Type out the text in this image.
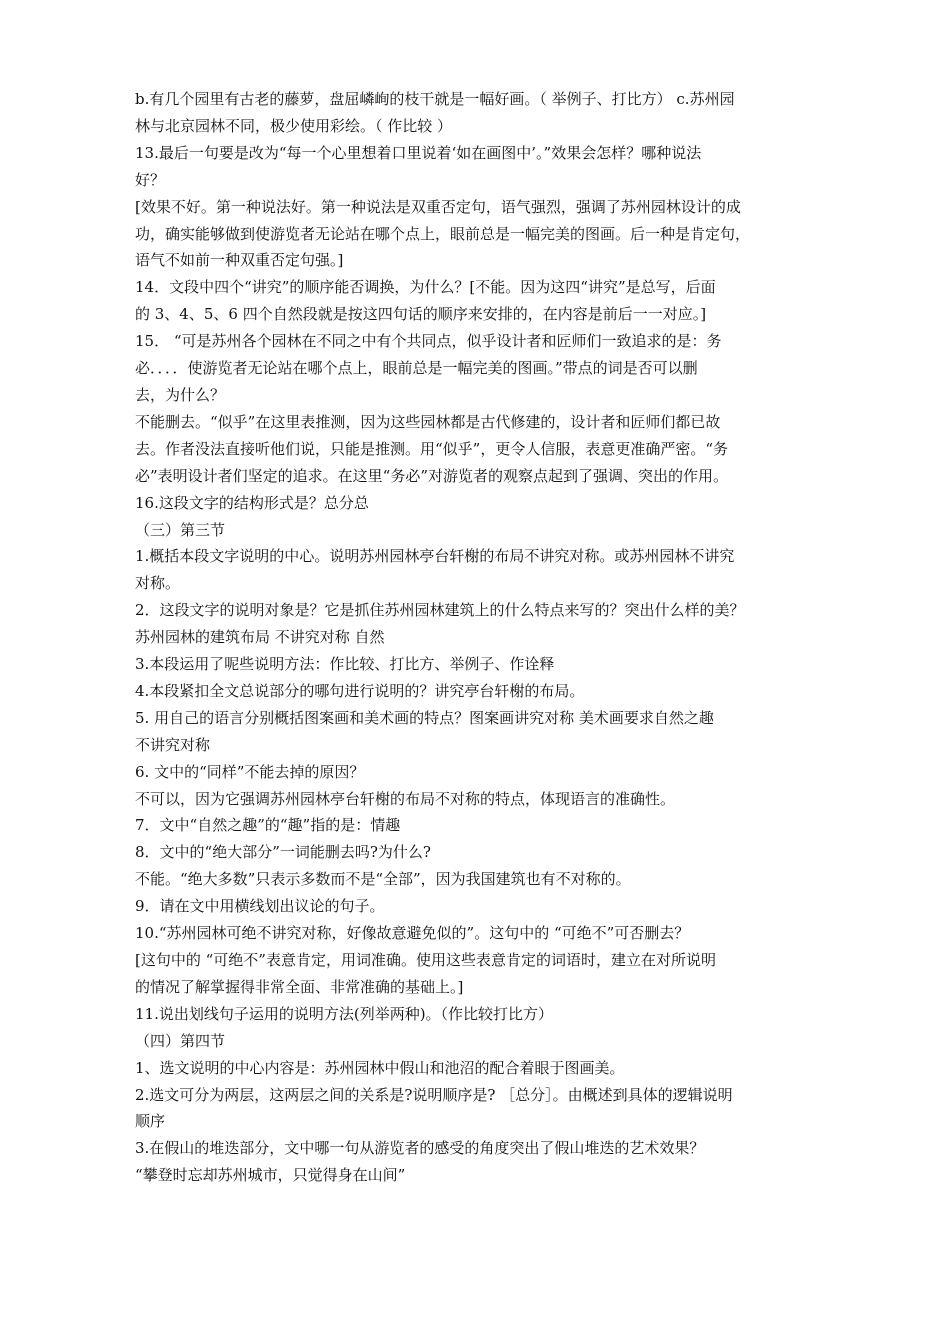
b.有几个园里有古老的藤萝，盘屈嶙峋的枝干就是一幅好画。（ 举例子、打比方） c.苏州园

林与北京园林不同，极少使用彩绘。（ 作比较 ）

13.最后一句要是改为“每一个心里想着口里说着‘如在画图中’。”效果会怎样？哪种说法

好？

[效果不好。第一种说法好。第一种说法是双重否定句，语气强烈，强调了苏州园林设计的成

功，确实能够做到使游览者无论站在哪个点上，眼前总是一幅完美的图画。后一种是肯定句，

语气不如前一种双重否定句强。]

14．文段中四个“讲究”的顺序能否调换，为什么？[不能。因为这四“讲究”是总写，后面

的 3、4、5、6 四个自然段就是按这四句话的顺序来安排的，在内容是前后一一对应。]

15． “可是苏州各个园林在不同之中有个共同点，似乎设计者和匠师们一致追求的是：务

必．．．．使游览者无论站在哪个点上，眼前总是一幅完美的图画。”带点的词是否可以删

去，为什么？

不能删去。“似乎”在这里表推测，因为这些园林都是古代修建的，设计者和匠师们都已故

去。作者没法直接听他们说，只能是推测。用“似乎”，更令人信服，表意更准确严密。“务

必”表明设计者们坚定的追求。在这里“务必”对游览者的观察点起到了强调、突出的作用。

16.这段文字的结构形式是？总分总

（三）第三节

1.概括本段文字说明的中心。说明苏州园林亭台轩榭的布局不讲究对称。或苏州园林不讲究

对称。

2．这段文字的说明对象是？它是抓住苏州园林建筑上的什么特点来写的？突出什么样的美？

苏州园林的建筑布局 不讲究对称 自然

3.本段运用了呢些说明方法：作比较、打比方、举例子、作诠释

4.本段紧扣全文总说部分的哪句进行说明的？讲究亭台轩榭的布局。

5. 用自己的语言分别概括图案画和美术画的特点？图案画讲究对称 美术画要求自然之趣

不讲究对称

6. 文中的“同样”不能去掉的原因？

不可以，因为它强调苏州园林亭台轩榭的布局不对称的特点，体现语言的准确性。

7．文中“自然之趣”的“趣”指的是：情趣

8．文中的“绝大部分”一词能删去吗?为什么?

不能。“绝大多数”只表示多数而不是“全部”，因为我国建筑也有不对称的。

9．请在文中用横线划出议论的句子。

10.“苏州园林可绝不讲究对称，好像故意避免似的”。这句中的 “可绝不”可否删去？

[这句中的 “可绝不”表意肯定，用词准确。使用这些表意肯定的词语时，建立在对所说明

的情况了解掌握得非常全面、非常准确的基础上。]

11.说出划线句子运用的说明方法(列举两种)。（作比较打比方）

（四）第四节

1、选文说明的中心内容是：苏州园林中假山和池沼的配合着眼于图画美。

2.选文可分为两层，这两层之间的关系是?说明顺序是? ［总分］。由概述到具体的逻辑说明

顺序

3.在假山的堆迭部分，文中哪一句从游览者的感受的角度突出了假山堆迭的艺术效果？

“攀登时忘却苏州城市，只觉得身在山间”
